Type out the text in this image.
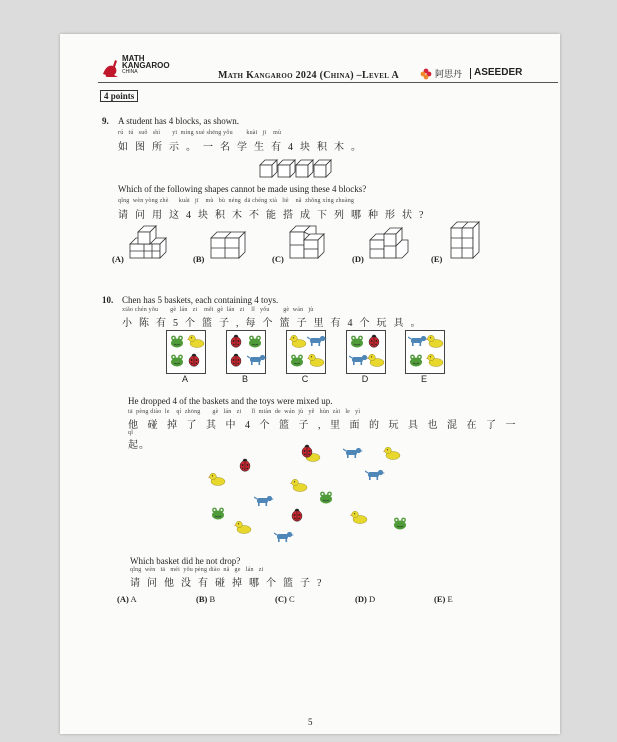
MATH
KANGAROO
CHINA	Math Kangaroo 2024 (China) –Level A	阿思丹 ASEEDER
4 points
9. A student has 4 blocks, as shown.
rú   tú   suǒ   shì       yī  míng xué shēng yǒu        kuài   jī    mù
如图所示。一名学生有4块积木。
Which of the following shapes cannot be made using these 4 blocks?
qǐng  wèn yòng zhè      kuài   jī    mù   bù  néng  dā chéng xià   liè    nǎ  zhǒng xíng zhuàng
请问用这4块积木不能搭成下列哪种形状?
(A)	(B)	(C)	(D)	(E)
10. Chen has 5 baskets, each containing 4 toys.
xiǎo chén yǒu       gè  lán   zi    měi  gè  lán   zi    lǐ   yǒu        gè  wán   jù
小陈有5个篮子,每个篮子里有4个玩具。
A	B	C	D	E
He dropped 4 of the baskets and the toys were mixed up.
tā  pèng diào  le    qí  zhōng       gè   lán   zi      lǐ  miàn  de  wán  jù   yě   hùn  zài   le   yì
他碰掉了其中4个篮子,里面的玩具也混在了一
qǐ
起。
Which basket did he not drop?
qǐng  wèn   tā   méi  yǒu pèng diào  nǎ   ge   lán   zi
请问他没有碰掉哪个篮子?
(A) A	(B) B	(C) C	(D) D	(E) E
5
